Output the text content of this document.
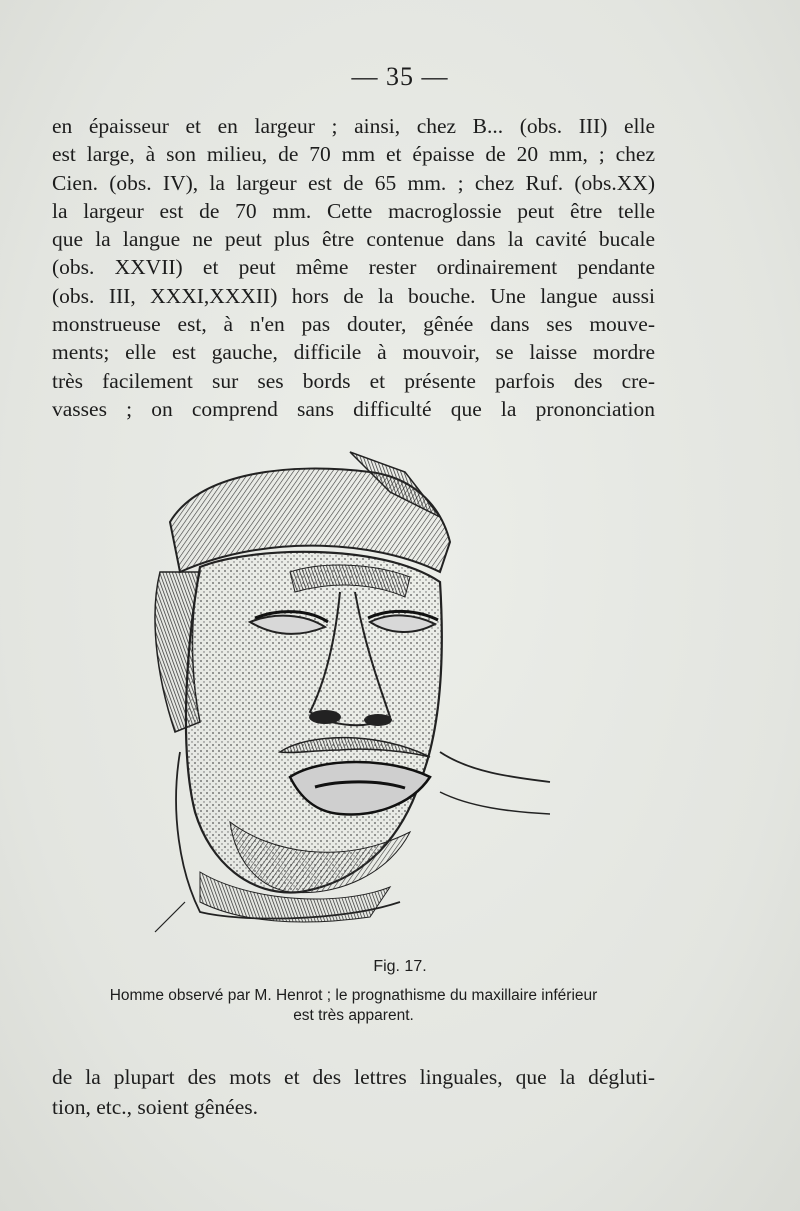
— 35 —
en épaisseur et en largeur ; ainsi, chez B... (obs. III) elle
est large, à son milieu, de 70 mm et épaisse de 20 mm, ; chez
Cien. (obs. IV), la largeur est de 65 mm. ; chez Ruf. (obs.XX)
la largeur est de 70 mm. Cette macroglossie peut être telle
que la langue ne peut plus être contenue dans la cavité bucale
(obs. XXVII) et peut même rester ordinairement pendante
(obs. III, XXXI,XXXII) hors de la bouche. Une langue aussi
monstrueuse est, à n'en pas douter, gênée dans ses mouve-
ments; elle est gauche, difficile à mouvoir, se laisse mordre
très facilement sur ses bords et présente parfois des cre-
vasses ; on comprend sans difficulté que la prononciation
Fig. 17.
Homme observé par M. Henrot ; le prognathisme du maxillaire inférieur
est très apparent.
de la plupart des mots et des lettres linguales, que la dégluti-
tion, etc., soient gênées.
